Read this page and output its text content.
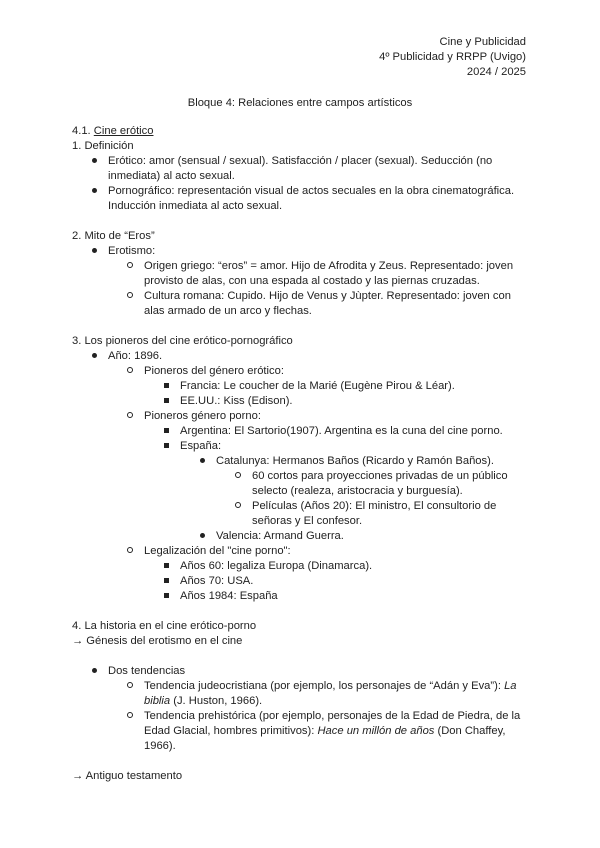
Cine y Publicidad
4º Publicidad y RRPP (Uvigo)
2024 / 2025
Bloque 4: Relaciones entre campos artísticos
4.1. Cine erótico
1. Definición
Erótico: amor (sensual / sexual). Satisfacción / placer (sexual). Seducción (no
inmediata) al acto sexual.
Pornográfico: representación visual de actos secuales en la obra cinematográfica.
Inducción inmediata al acto sexual.
2. Mito de “Eros”
Erotismo:
Origen griego: “eros” = amor. Hijo de Afrodita y Zeus. Representado: joven
provisto de alas, con una espada al costado y las piernas cruzadas.
Cultura romana: Cupido. Hijo de Venus y Jùpter. Representado: joven con
alas armado de un arco y flechas.
3. Los pioneros del cine erótico-pornográfico
Año: 1896.
Pioneros del género erótico:
Francia: Le coucher de la Marié (Eugène Pirou & Léar).
EE.UU.: Kiss (Edison).
Pioneros género porno:
Argentina: El Sartorio(1907). Argentina es la cuna del cine porno.
España:
Catalunya: Hermanos Baños (Ricardo y Ramón Baños).
60 cortos para proyecciones privadas de un público
selecto (realeza, aristocracia y burguesía).
Películas (Años 20): El ministro, El consultorio de
señoras y El confesor.
Valencia: Armand Guerra.
Legalización del "cine porno":
Años 60: legaliza Europa (Dinamarca).
Años 70: USA.
Años 1984: España
4. La historia en el cine erótico-porno
→ Génesis del erotismo en el cine
Dos tendencias
Tendencia judeocristiana (por ejemplo, los personajes de “Adán y Eva”): La
biblia (J. Huston, 1966).
Tendencia prehistórica (por ejemplo, personajes de la Edad de Piedra, de la
Edad Glacial, hombres primitivos): Hace un millón de años (Don Chaffey,
1966).
→ Antiguo testamento
